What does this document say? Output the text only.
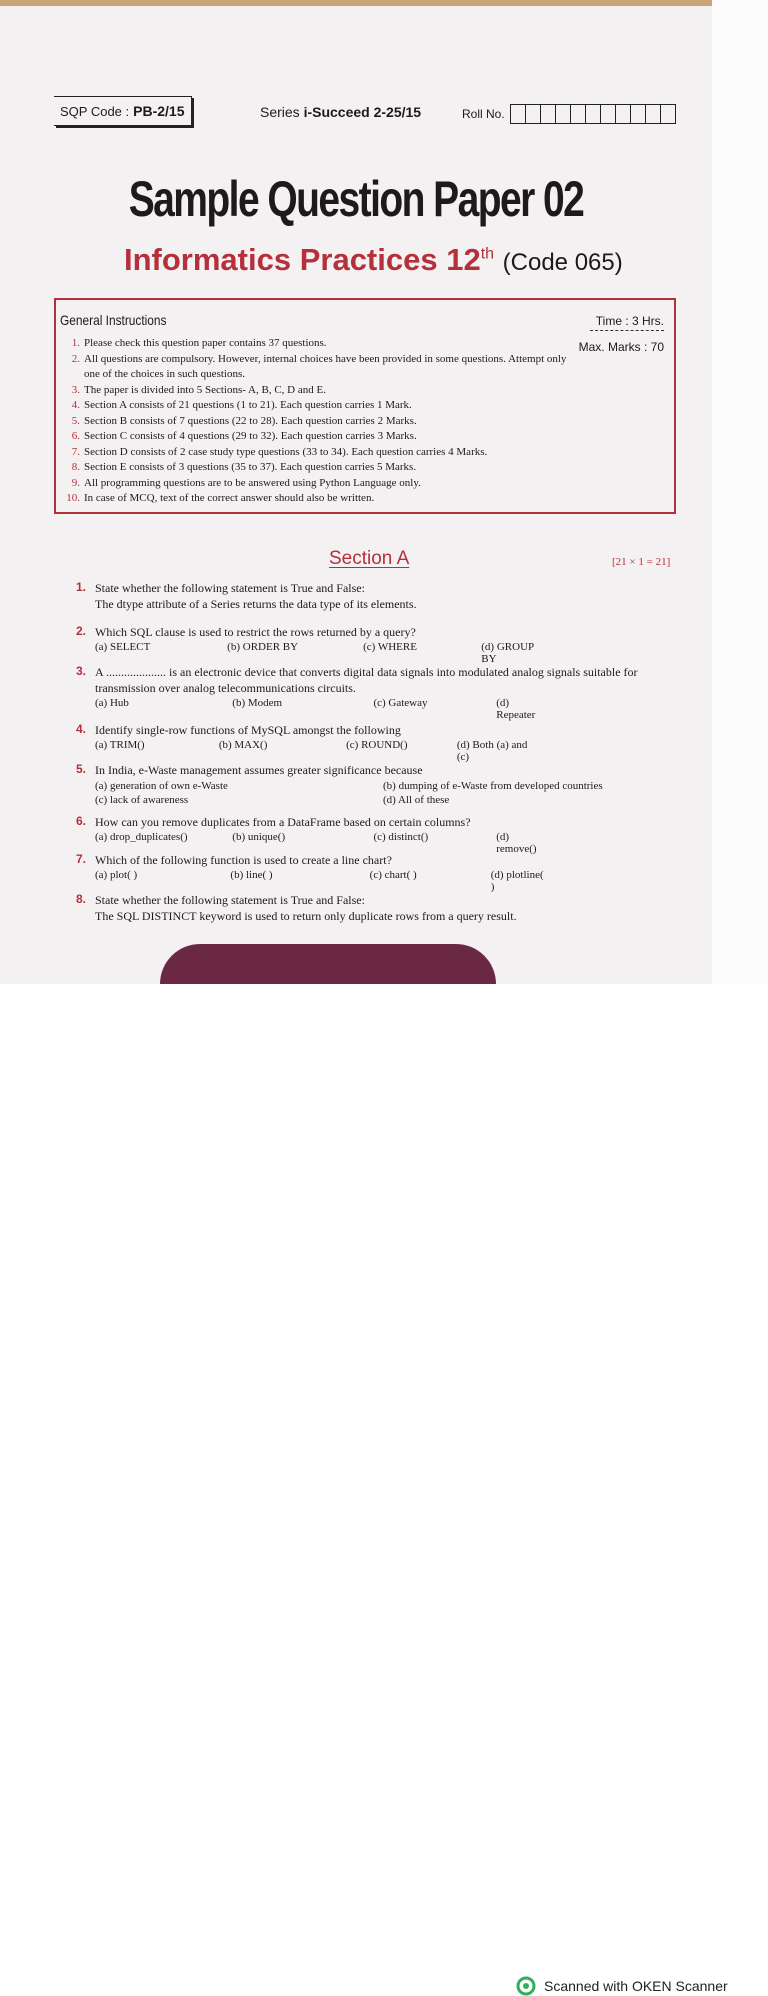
SQP Code : PB-2/15	Series i-Succeed 2-25/15	Roll No.
Sample Question Paper 02
Informatics Practices 12th (Code 065)
General Instructions	Time : 3 Hrs.
Max. Marks : 70
1. Please check this question paper contains 37 questions.
2. All questions are compulsory. However, internal choices have been provided in some questions. Attempt only one of the choices in such questions.
3. The paper is divided into 5 Sections- A, B, C, D and E.
4. Section A consists of 21 questions (1 to 21). Each question carries 1 Mark.
5. Section B consists of 7 questions (22 to 28). Each question carries 2 Marks.
6. Section C consists of 4 questions (29 to 32). Each question carries 3 Marks.
7. Section D consists of 2 case study type questions (33 to 34). Each question carries 4 Marks.
8. Section E consists of 3 questions (35 to 37). Each question carries 5 Marks.
9. All programming questions are to be answered using Python Language only.
10. In case of MCQ, text of the correct answer should also be written.
Section A	[21 × 1 = 21]
1. State whether the following statement is True and False:
The dtype attribute of a Series returns the data type of its elements.
2. Which SQL clause is used to restrict the rows returned by a query?
(a) SELECT	(b) ORDER BY	(c) WHERE	(d) GROUP BY
3. A .................... is an electronic device that converts digital data signals into modulated analog signals suitable for transmission over analog telecommunications circuits.
(a) Hub	(b) Modem	(c) Gateway	(d) Repeater
4. Identify single-row functions of MySQL amongst the following
(a) TRIM()	(b) MAX()	(c) ROUND()	(d) Both (a) and (c)
5. In India, e-Waste management assumes greater significance because
(a) generation of own e-Waste	(b) dumping of e-Waste from developed countries
(c) lack of awareness	(d) All of these
6. How can you remove duplicates from a DataFrame based on certain columns?
(a) drop_duplicates()	(b) unique()	(c) distinct()	(d) remove()
7. Which of the following function is used to create a line chart?
(a) plot( )	(b) line( )	(c) chart( )	(d) plotline( )
8. State whether the following statement is True and False:
The SQL DISTINCT keyword is used to return only duplicate rows from a query result.
Scanned with OKEN Scanner
